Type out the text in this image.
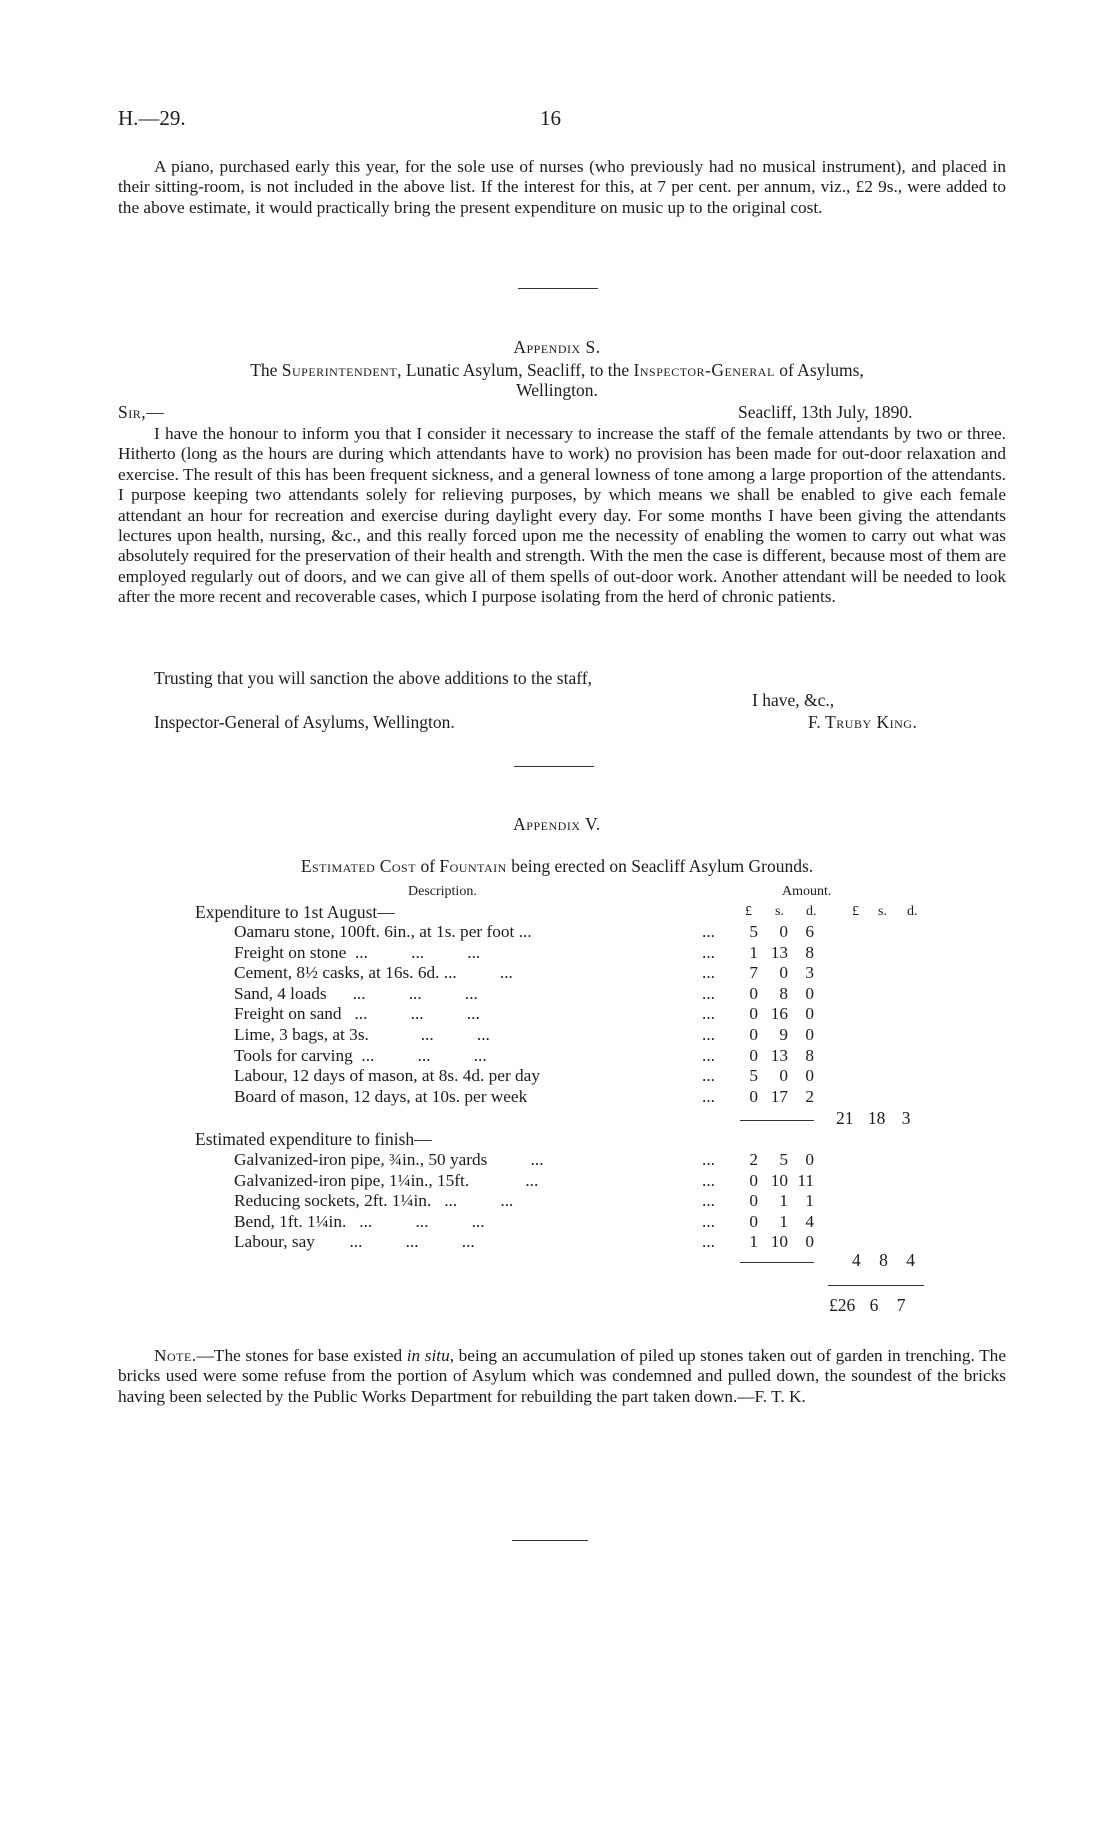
H.—29.	16

A piano, purchased early this year, for the sole use of nurses (who previously had no musical instrument), and placed in their sitting-room, is not included in the above list. If the interest for this, at 7 per cent. per annum, viz., £2 9s., were added to the above estimate, it would practically bring the present expenditure on music up to the original cost.

Appendix S.
The Superintendent, Lunatic Asylum, Seacliff, to the Inspector-General of Asylums,
Wellington.
Sir,—	Seacliff, 13th July, 1890.

I have the honour to inform you that I consider it necessary to increase the staff of the female attendants by two or three. Hitherto (long as the hours are during which attendants have to work) no provision has been made for out-door relaxation and exercise. The result of this has been frequent sickness, and a general lowness of tone among a large proportion of the attendants. I purpose keeping two attendants solely for relieving purposes, by which means we shall be enabled to give each female attendant an hour for recreation and exercise during daylight every day. For some months I have been giving the attendants lectures upon health, nursing, &c., and this really forced upon me the necessity of enabling the women to carry out what was absolutely required for the preservation of their health and strength. With the men the case is different, because most of them are employed regularly out of doors, and we can give all of them spells of out-door work. Another attendant will be needed to look after the more recent and recoverable cases, which I purpose isolating from the herd of chronic patients.

Trusting that you will sanction the above additions to the staff,
I have, &c.,
Inspector-General of Asylums, Wellington.	F. Truby King.
Appendix V.
Estimated Cost of Fountain being erected on Seacliff Asylum Grounds.
Description.	Amount.
Expenditure to 1st August—	£ s. d.	£ s. d.
Oamaru stone, 100ft. 6in., at 1s. per foot ...	...	5	0	6
Freight on stone  ...          ...          ...	...	1 13	8
Cement, 8½ casks, at 16s. 6d. ...          ...	...	7	0	3
Sand, 4 loads      ...          ...          ...	...	0	8	0
Freight on sand   ...          ...          ...	...	0 16	0
Lime, 3 bags, at 3s.            ...          ...	...	0	9	0
Tools for carving  ...          ...          ...	...	0 13	8
Labour, 12 days of mason, at 8s. 4d. per day	...	5	0	0
Board of mason, 12 days, at 10s. per week	...	0 17	2
21 18 3
Estimated expenditure to finish—
Galvanized-iron pipe, ¾in., 50 yards          ...	...	2	5	0
Galvanized-iron pipe, 1¼in., 15ft.             ...	...	0 10 11
Reducing sockets, 2ft. 1¼in.   ...          ...	...	0	1	1
Bend, 1ft. 1¼in.   ...          ...          ...	...	0	1	4
Labour, say        ...          ...          ...	...	1 10	0
4 8 4
£26 6 7

Note.—The stones for base existed in situ, being an accumulation of piled up stones taken out of garden in trenching. The bricks used were some refuse from the portion of Asylum which was condemned and pulled down, the soundest of the bricks having been selected by the Public Works Department for rebuilding the part taken down.—F. T. K.
